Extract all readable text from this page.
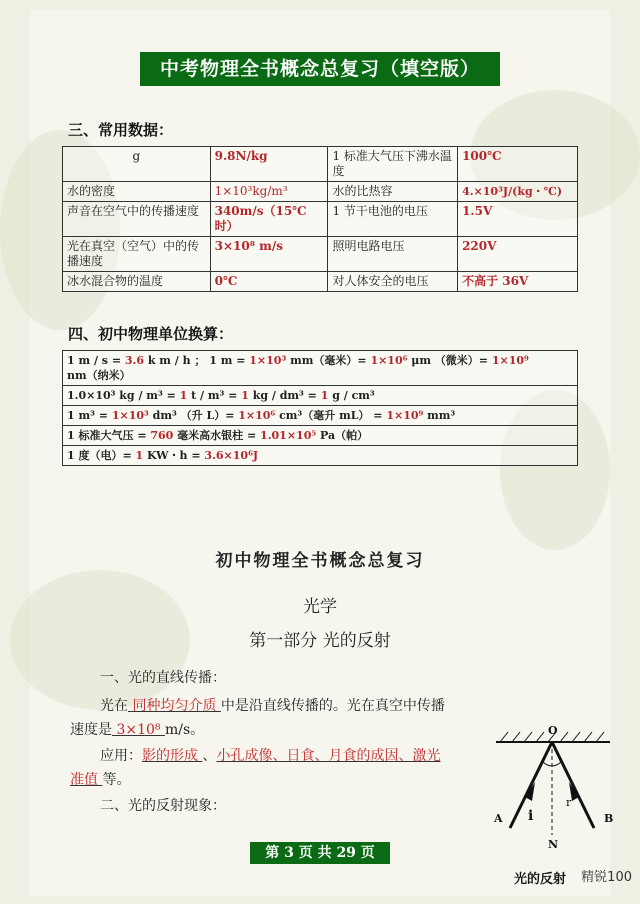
中考物理全书概念总复习（填空版）
三、常用数据：
g	9.8N/kg	1 标准大气压下沸水温度	100℃
水的密度	1×10³kg/m³	水的比热容	4.×10³J/(kg・℃)
声音在空气中的传播速度	340m/s（15℃时）	1 节干电池的电压	1.5V
光在真空（空气）中的传播速度	3×10⁸ m/s	照明电路电压	220V
冰水混合物的温度	0℃	对人体安全的电压	不高于 36V
四、初中物理单位换算：
1 m / s = 3.6 k m / h ； 1 m = 1×10³ mm（毫米）= 1×10⁶ μm （微米）= 1×10⁹
nm（纳米）
1.0×10³ kg / m³ = 1 t / m³ = 1 kg / dm³ = 1 g / cm³
1 m³ = 1×10³ dm³ （升 L）= 1×10⁶ cm³（毫升 mL） = 1×10⁹ mm³
1 标准大气压 = 760 毫米高水银柱 = 1.01×10⁵ Pa（帕）
1 度（电）= 1 KW・h = 3.6×10⁶J
初中物理全书概念总复习
光学
第一部分 光的反射
一、光的直线传播：
光在 同种均匀介质 中是沿直线传播的。光在真空中传播
速度是 3×10⁸ m/s。
应用：影的形成 、小孔成像、日食、月食的成因、激光
准值 等。
二、光的反射现象：
O
A	B
N
i
r
光的反射
第 3 页 共 29 页
精锐100
